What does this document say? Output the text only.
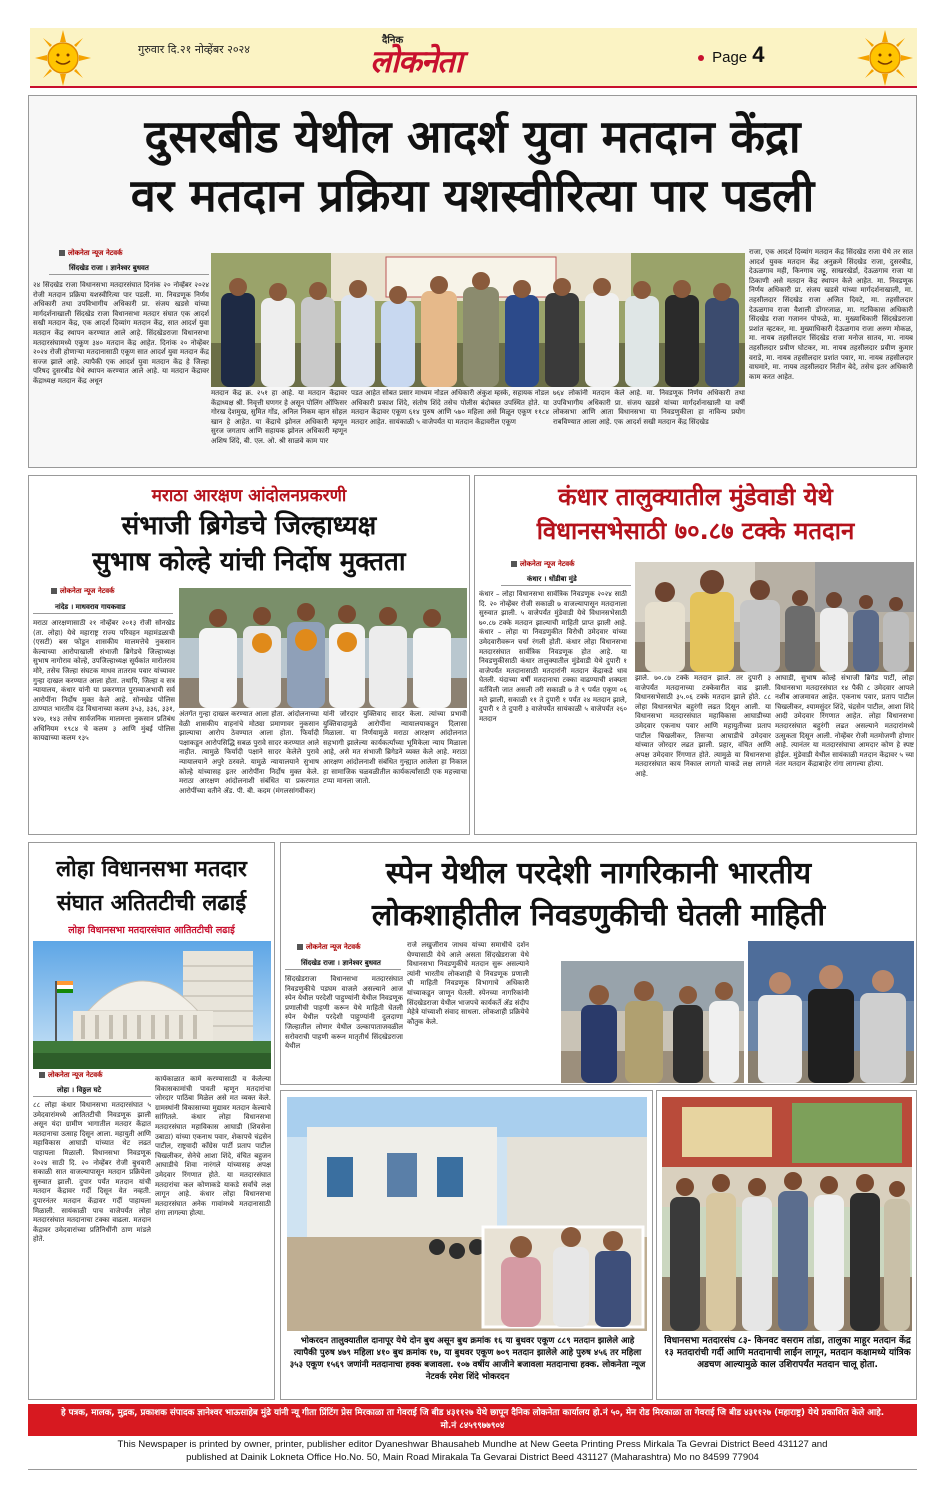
गुरुवार दि.२१ नोव्हेंबर २०२४
दैनिक
लोकनेता	Page 4
दुसरबीड येथील आदर्श युवा मतदान केंद्रा
वर मतदान प्रक्रिया यशस्वीरित्या पार पडली
लोकनेता न्यूज नेटवर्क
सिंदखेड राजा । ज्ञानेश्वर बुधवत
२४ सिंदखेड राजा विधानसभा मतदारसंघात दिनांक २० नोव्हेंबर २०२४ रोजी मतदान प्रक्रिया यशस्वीरित्या पार पडली. मा. निवडणूक निर्णय अधिकारी तथा उपविभागीय अधिकारी प्रा. संजय खडसे यांच्या मार्गदर्शनाखाली सिंदखेड राजा विधानसभा मतदार संघात एक आदर्श सखी मतदान केंद्र, एक आदर्श दिव्यांग मतदान केंद्र, सात आदर्श युवा मतदान केंद्र स्थापन करण्यात आले आहे. सिंदखेडराजा विधानसभा मतदारसंघामध्ये एकूण ३४० मतदान केंद्र आहेत. दिनांक २० नोव्हेंबर २०२४ रोजी होणाऱ्या मतदानासाठी एकूण सात आदर्श युवा मतदान केंद्र सज्ज झाले आहे. त्यापैकी एक आदर्श युवा मतदान केंद्र हे जिल्हा परिषद दुसरबीड येथे स्थापन करण्यात आले आहे. या मतदान केंद्रावर केंद्राध्यक्ष मतदान केंद्र अधून
मतदान केंद्र क्र. २५१ हा आहे. या मतदान केंद्रावर केंद्राध्यक्ष श्री. निवृत्ती घणगर हे असून पोलिंग ऑफिसर गोरख देशमुख, सुमित गोंड, अनिल निकम व्हान सोहल खान हे आहेत. या केंद्राचे झोनल अधिकारी म्हणून सुरज जगताप आणि सहायक झोनल अधिकारी म्हणून अशिष शिंदे, बी. एल. ओ. श्री साळवे काम पार
पडत आहेत सोबत प्रसार माध्यम नोडल अधिकारी अंकुश म्हस्के, सहायक नोडल अधिकारी प्रकाश शिंदे, संतोष शिंदे तसेच पोलीस बंदोबस्त उपस्थित होते. या मतदान केंद्रावर एकूण ६१४ पुरुष आणि ५७० महिला असे मिळून एकूण ११८४ मतदार आहेत. सायंकाळी ५ वाजेपर्यंत या मतदान केंद्रावरील एकूण
७६४ लोकांनी मतदान केले आहे. मा. निवडणूक निर्णय अधिकारी तथा उपविभागीय अधिकारी प्रा. संजय खडसे यांच्या मार्गदर्शनाखाली या वर्षी लोकसभा आणि आता विधानसभा या निवडणुकीला हा नाविन्य प्रयोग राबविण्यात आला आहे. एक आदर्श सखी मतदान केंद्र सिंदखेड
राजा, एक आदर्श दिव्यांग मतदान केंद्र सिंदखेड राजा येथे तर सात आदर्श युवक मतदान केंद्र अनुक्रमे सिंदखेड राजा, दुसरबीड, देऊळगाव मही, किनगाव जट्टू, साखरखेर्डा, देऊळगाव राजा या ठिकाणी असे मतदान केंद्र स्थापन केले आहेत. मा. निवडणूक निर्णय अधिकारी प्रा. संजय खडसे यांच्या मार्गदर्शनाखाली, मा. तहसीलदार सिंदखेड राजा अजित दिवटे, मा. तहसीलदार देऊळगाव राजा वैशाली डोंगरजाळ, मा. गटविकास अधिकारी सिंदखेड राजा गजानन पोफळे, मा. मुख्याधिकारी सिंदखेडराजा प्रशांत व्हटकर, मा. मुख्याधिकारी देऊळगाव राजा अरुण मोकळ, मा. नायब तहसीलदार सिंदखेड राजा मनोज सातव, मा. नायब तहसीलदार प्रवीण घोटकर, मा. नायब तहसीलदार प्रवीण कुमार वराडे, मा. नायब तहसीलदार प्रशांत पवार, मा. नायब तहसीलदार वाघमारे, मा. नायब तहसीलदार नितीन बेदे, तसेच इतर अधिकारी काम करत आहेत.
मराठा आरक्षण आंदोलनप्रकरणी
संभाजी ब्रिगेडचे जिल्हाध्यक्ष
सुभाष कोल्हे यांची निर्दोष मुक्तता
लोकनेता न्यूज नेटवर्क
नांदेड । माधवराव गायकवाड
मराठा आरक्षणासाठी २१ नोव्हेंबर २०१३ रोजी सोनखेड (ता. लोहा) येथे महाराष्ट्र राज्य परिवहन महामंडळाची (एसटी) बस फोडून शासकीय मालमत्तेचे नुकसान केल्याच्या आरोपाखाली संभाजी ब्रिगेडचे जिल्हाध्यक्ष सुभाष नागोराव कोल्हे, उपजिल्हाध्यक्ष सूर्यकांत मारोतराव मोरे, तसेच जिल्हा संघटक माधव तातराव पवार यांच्यावर गुन्हा दाखल करण्यात आला होता. तथापि, जिल्हा व सत्र न्यायालय, कंधार यांनी या प्रकरणात पुराव्याअभावी सर्व आरोपींना निर्दोष मुक्त केले आहे. सोनखेड पोलिस ठाण्यात भारतीय दंड विधानाच्या कलम ३५३, ३३६, ३३१, ४२७, १४३ तसेच सार्वजनिक मालमत्ता नुकसान प्रतिबंध अधिनियम १९८४ चे कलम ३ आणि मुंबई पोलिस कायद्याच्या कलम १३५
अंतर्गत गुन्हा दाखल करण्यात आला होता. आंदोलनाच्या वेळी शासकीय वाहनांचे मोठ्या प्रमाणावर नुकसान झाल्याचा आरोप ठेवण्यात आला होता. फिर्यादी पक्षाकडून आरोपसिद्धि सबळ पुरावे सादर करण्यात आले नाहीत. त्यामुळे फिर्यादी पक्षाने सादर केलेले पुरावे न्यायालयाने अपुरे ठरवले. यामुळे न्यायालयाने सुभाष कोल्हे यांच्यासह इतर आरोपींना निर्दोष मुक्त केले. मराठा आरक्षण आंदोलनाशी संबंधित या प्रकरणात आरोपींच्या वतीने ॲड. पी. बी. कदम (मंगलसांगवीकर)
यांनी जोरदार युक्तिवाद सादर केला. त्यांच्या प्रभावी युक्तिवादामुळे आरोपींना न्यायालयाकडून दिलासा मिळाला. या निर्णयामुळे मराठा आरक्षण आंदोलनात सहभागी झालेल्या कार्यकर्त्यांच्या भूमिकेला न्याय मिळाला आहे, असे मत संभाजी ब्रिगेडने व्यक्त केले आहे. मराठा आरक्षण आंदोलनाशी संबंधित गुन्ह्यात आलेला हा निकाल हा सामाजिक चळवळीतील कार्यकर्त्यांसाठी एक महत्त्वाचा टप्पा मानला जातो.
कंधार तालुक्यातील मुंडेवाडी येथे
विधानसभेसाठी ७०.८७ टक्के मतदान
लोकनेता न्यूज नेटवर्क
कंधार । धोंडीबा मुंडे
कंधार – लोहा विधानसभा सार्वत्रिक निवडणूक २०२४ साठी दि. २० नोव्हेंबर रोजी सकाळी ७ वाजल्यापासून मतदानाला सुरुवात झाली. ५ वाजेपर्यंत मुंडेवाडी येथे विधानसभेसाठी ७०.८७ टक्के मतदान झाल्याची माहिती प्राप्त झाली आहे. कंधार – लोहा या निवडणुकीत विरोधी उमेदवार यांच्या उमेदवारीवरून चर्चा रंगली होती. कंधार लोहा विधानसभा मतदारसंघात सार्वत्रिक निवडणूक होत आहे. या निवडणुकीसाठी कंधार तालुक्यातील मुंडेवाडी येथे दुपारी १ वाजेपर्यंत मतदानासाठी मतदारांनी मतदान केंद्राकडे धाव घेतली. यंदाच्या वर्षी मतदानाचा टक्का वाढण्याची शक्यता वर्तविली जात असली तरी सकाळी ७ ते ९ पर्यंत एकूण ०६ मते झाली, सकाळी ११ ते दुपारी १ पर्यंत २४ मतदान झाले, दुपारी १ ते दुपारी ३ वाजेपर्यंत सायंकाळी ५ वाजेपर्यंत २६० मतदान
झाले. ७०.८७ टक्के मतदान झाले. तर दुपारी ३ वाजेपर्यंत मतदानाच्या टक्केवारीत वाढ झाली. विधानसभेसाठी ३५.०६ टक्के मतदान झाले होते. ८८ लोहा विधानसभेत बहुरंगी लढत दिसून आली. या विधानसभा मतदारसंघात महाविकास आघाडीच्या उमेदवार एकनाथ पवार आणि महायुतीच्या प्रताप पाटील चिखलीकर, तिसऱ्या आघाडीचे उमेदवार यांच्यात जोरदार लढत झाली. प्रहार, वंचित आणि अपक्ष उमेदवार रिंगणात होते. त्यामुळे या विधानसभा मतदारसंघात काय निकाल लागतो याकडे लक्ष लागले आहे.
आघाडी, सुभाष कोल्हे संभाजी ब्रिगेड पार्टी, लोहा विधानसभा मतदारसंघात १४ पैकी ८ उमेदवार आपले नशीब आजमावत आहेत. एकनाथ पवार, प्रताप पाटील चिखलीकर, श्यामसुंदर शिंदे, चंद्रसेन पाटील, आशा शिंदे आदी उमेदवार रिंगणात आहेत. लोहा विधानसभा मतदारसंघात बहुरंगी लढत असल्याने मतदारांमध्ये उत्सुकता दिसून आली. नोव्हेंबर रोजी मतमोजणी होणार आहे. त्यानंतर या मतदारसंघाचा आमदार कोण हे स्पष्ट होईल. मुंडेवाडी येथील सायंकाळी मतदान केंद्रावर ५ च्या नंतर मतदान केंद्राबाहेर रांगा लागल्या होत्या.
लोहा विधानसभा मतदार
संघात अतितटीची लढाई
लोहा विधानसभा मतदारसंघात आतितटीची लढाई
लोकनेता न्यूज नेटवर्क
लोहा । विठ्ठल घटे
८८ लोहा कंधार विधानसभा मतदारसंघात ५ उमेदवारांमध्ये आतितटीची निवडणूक झाली असून यंदा ग्रामीण भागातील मतदार केंद्रात मतदानाचा उत्साह दिसून आला. महायुती आणि महाविकास आघाडी यांच्यात थेट लढत पाहायला मिळाली. विधानसभा निवडणूक २०२४ साठी दि. २० नोव्हेंबर रोजी बुधवारी सकाळी सात वाजल्यापासून मतदान प्रक्रियेला सुरुवात झाली. दुपार पर्यंत मतदान यांची मतदान केंद्रावर गर्दी दिसून येत नव्हती. दुपारनंतर मतदान केंद्रावर गर्दी पाहायला मिळाली. सायंकाळी पाच वाजेपर्यंत लोहा मतदारसंघात मतदानाचा टक्का वाढला. मतदान केंद्रावर उमेदवारांच्या प्रतिनिधींनी ठाण मांडले होते.
कार्यकाळात कामे करण्यासाठी व केलेल्या विकासकामांची पावती म्हणून मतदारांचा जोरदार पाठिंबा मिळेल असे मत व्यक्त केले. ग्रामस्थांनी विकासाच्या मुद्यावर मतदान केल्याचे सांगितले. कंधार लोहा विधानसभा मतदारसंघात महाविकास आघाडी (शिवसेना उबाठा) यांच्या एकनाथ पवार, शेकापचे चंद्रसेन पाटील, राष्ट्रवादी काँग्रेस पार्टी प्रताप पाटील चिखलीकर, सेनेचे आशा शिंदे, वंचित बहुजन आघाडीचे शिवा नारंगले यांच्यासह अपक्ष उमेदवार रिंगणात होते. या मतदारसंघात मतदारांचा कल कोणाकडे याकडे सर्वांचे लक्ष लागून आहे. कंधार लोहा विधानसभा मतदारसंघात अनेक गावांमध्ये मतदानासाठी रांगा लागल्या होत्या.
स्पेन येथील परदेशी नागरिकानी भारतीय
लोकशाहीतील निवडणुकीची घेतली माहिती
लोकनेता न्यूज नेटवर्क
सिंदखेड राजा । ज्ञानेश्वर बुधवत
सिंदखेडराजा विधानसभा मतदारसंघात निवडणुकीचे पडघम वाजले असल्याने आज स्पेन येथील परदेशी पाहुण्यांनी येथील निवडणूक प्रणालीची पाहणी करून येथे माहिती घेतली स्पेन येथील परदेशी पाहुण्यांनी दुलदाणा जिल्हातील लोणार येथील उल्कापाताजवळील सरोवराची पाहणी करून मातृतीर्थ सिंदखेडराजा येथील
राजे लखुजीराव जाधव यांच्या समाधीचे दर्शन घेण्यासाठी येथे आले असता सिंदखेडराजा येथे विधानसभा निवडणुकीचे मतदान सुरू असल्याने त्यांनी भारतीय लोकशाही चे निवडणूक प्रणाली ची माहिती निवडणूक विभागाचे अधिकारी यांच्याकडून जाणून घेतली. स्पेनच्या नागरिकांनी सिंदखेडराजा येथील भाजपचे कार्यकर्ते ॲड संदीप मेहेत्रे यांच्याशी संवाद साधला. लोकशाही प्रक्रियेचे कौतुक केले.
भोकरदन तालुक्यातील दानापूर येथे दोन बुथ असून बुथ क्रमांक १६ या बुथवर एकूण ८८९ मतदान झालेले आहे त्यापैकी पुरुष ४७९ महिला ४१० बुथ क्रमांक १७, या बुथवर एकूण ७०९ मतदान झालेले आहे पुरुष ४५६ तर महिला ३५३ एकूण १५६९ जणांनी मतदानाचा हक्क बजावला. १०७ वर्षीय आजीने बजावला मतदानाचा हक्क. लोकनेता न्यूज नेटवर्क रमेश शिंदे भोकरदन
विधानसभा मतदारसंघ ८३- किनवट वसराम तांडा, तालुका माहूर मतदान केंद्र १३ मतदारांची गर्दी आणि मतदानाची लाईन लागून, मतदान कक्षामध्ये यांत्रिक अडचण आल्यामुळे काल उशिरापर्यंत मतदान चालू होता.
हे पत्रक, मालक, मुद्रक, प्रकाशक संपादक ज्ञानेश्वर भाऊसाहेब मुंढे यांनी न्यू गीता प्रिंटिंग प्रेस मिरकाळा ता गेवराई जि बीड ४३११२७ येथे छापून दैनिक लोकनेता कार्यालय हो.नं ५०, मेन रोड मिरकाळा ता गेवराई जि बीड ४३११२७ (महाराष्ट्र) येथे प्रकाशित केले आहे. मो.नं ८४५९९७७९०४
This Newspaper is printed by owner, printer, publisher editor Dyaneshwar Bhausaheb Mundhe at New Geeta Printing Press Mirkala Ta Gevrai District Beed 431127 and
published at Dainik Lokneta Office Ho.No. 50, Main Road Mirakala Ta Gevarai District Beed 431127 (Maharashtra) Mo no 84599 77904
